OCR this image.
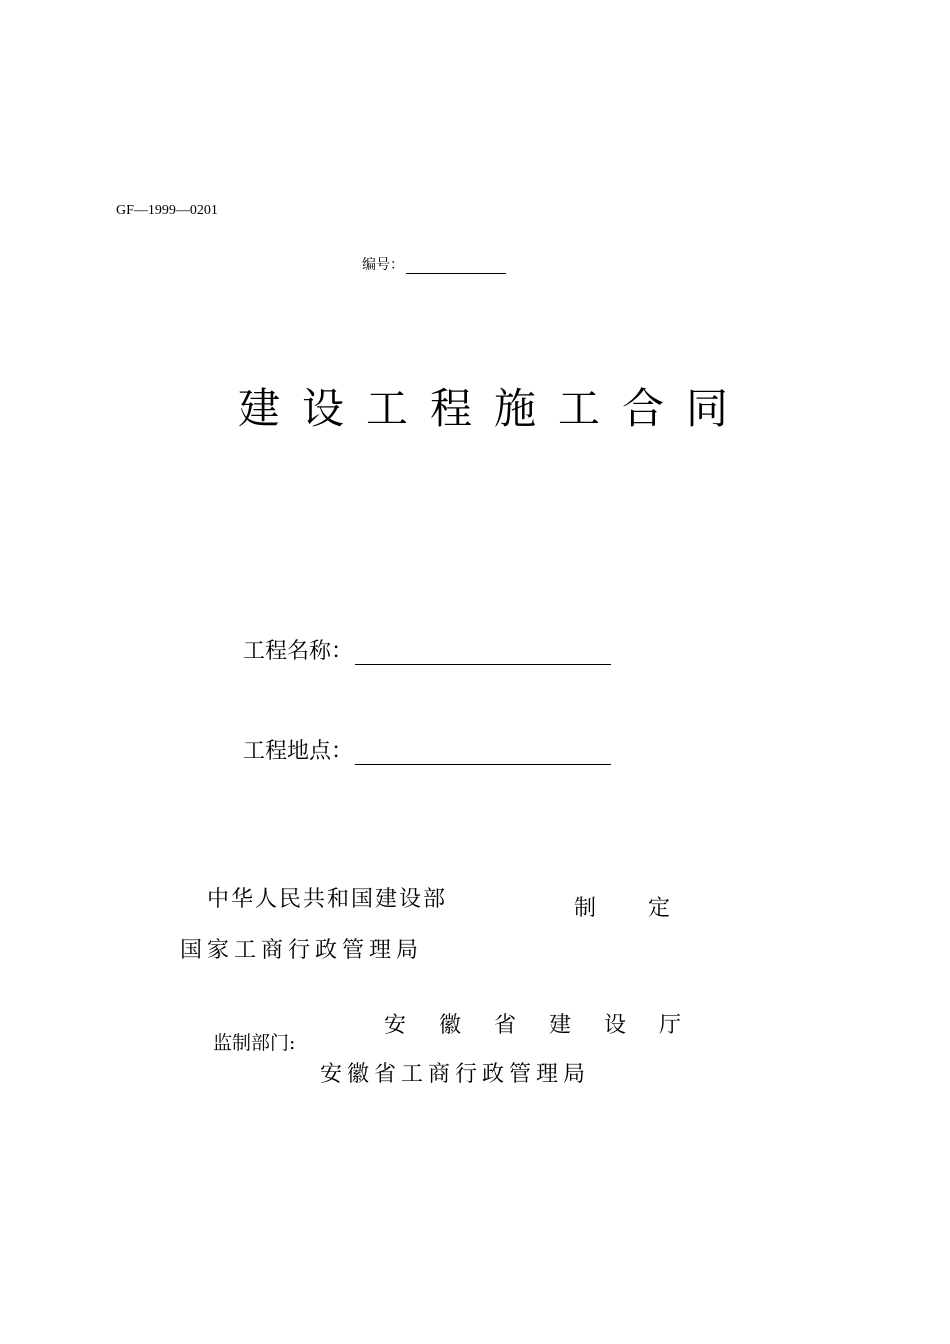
GF—1999—0201
编号：
建设工程施工合同
工程名称：
工程地点：
中华人民共和国建设部
国家工商行政管理局
制定
监制部门:
安徽省建设厅
安徽省工商行政管理局
